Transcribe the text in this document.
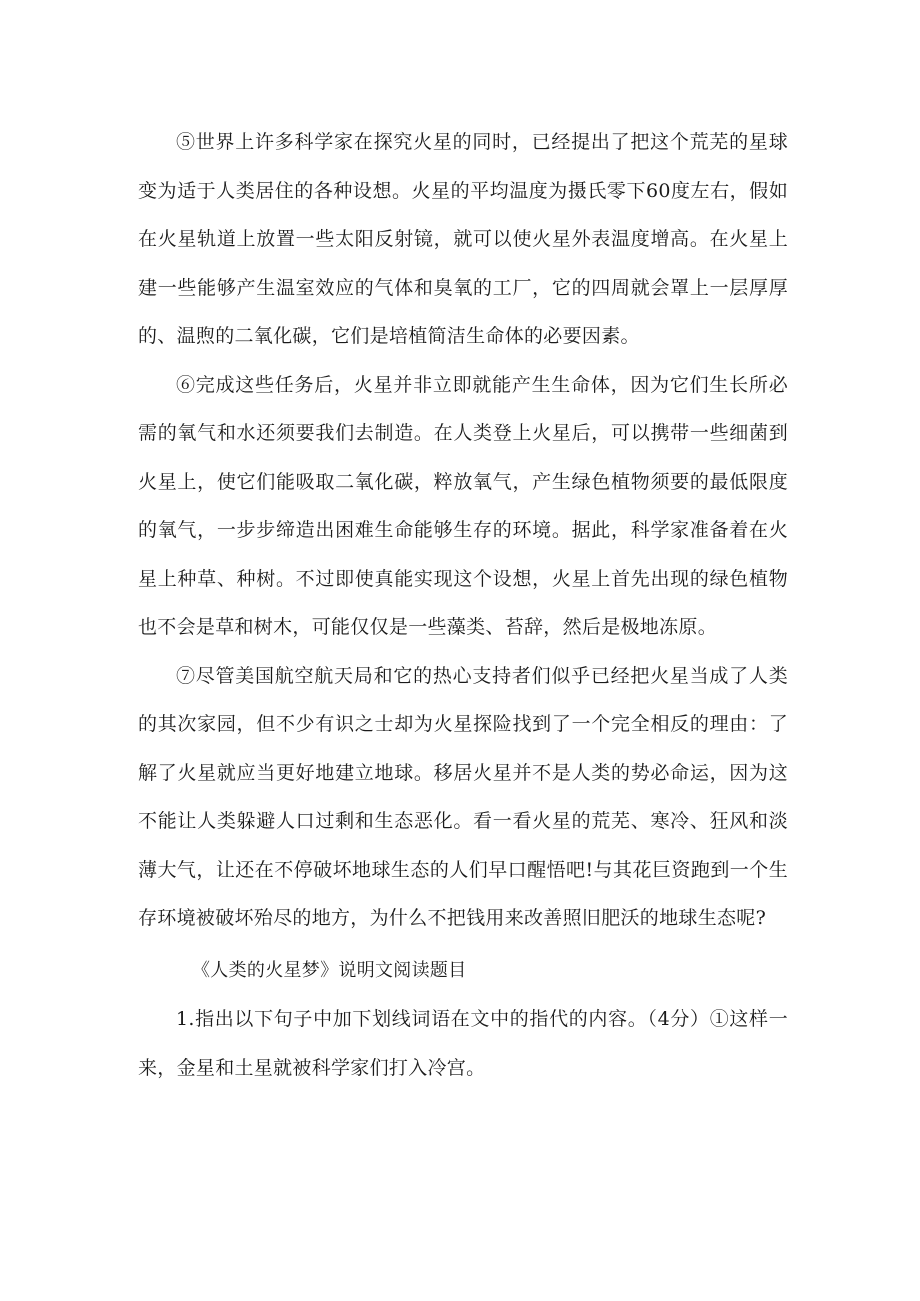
⑤世界上许多科学家在探究火星的同时，已经提出了把这个荒芜的星球变为适于人类居住的各种设想。火星的平均温度为摄氏零下60度左右，假如在火星轨道上放置一些太阳反射镜，就可以使火星外表温度增高。在火星上建一些能够产生温室效应的气体和臭氧的工厂，它的四周就会罩上一层厚厚的、温煦的二氧化碳，它们是培植简洁生命体的必要因素。

⑥完成这些任务后，火星并非立即就能产生生命体，因为它们生长所必需的氧气和水还须要我们去制造。在人类登上火星后，可以携带一些细菌到火星上，使它们能吸取二氧化碳，粹放氧气，产生绿色植物须要的最低限度的氧气，一步步缔造出困难生命能够生存的环境。据此，科学家准备着在火星上种草、种树。不过即使真能实现这个设想，火星上首先出现的绿色植物也不会是草和树木，可能仅仅是一些藻类、苔辞，然后是极地冻原。

⑦尽管美国航空航天局和它的热心支持者们似乎已经把火星当成了人类的其次家园，但不少有识之士却为火星探险找到了一个完全相反的理由：了解了火星就应当更好地建立地球。移居火星并不是人类的势必命运，因为这不能让人类躲避人口过剩和生态恶化。看一看火星的荒芜、寒冷、狂风和淡薄大气，让还在不停破坏地球生态的人们早口醒悟吧!与其花巨资跑到一个生存环境被破坏殆尽的地方，为什么不把钱用来改善照旧肥沃的地球生态呢?

《人类的火星梦》说明文阅读题目

1.指出以下句子中加下划线词语在文中的指代的内容。（4分）①这样一来，金星和土星就被科学家们打入冷宫。
